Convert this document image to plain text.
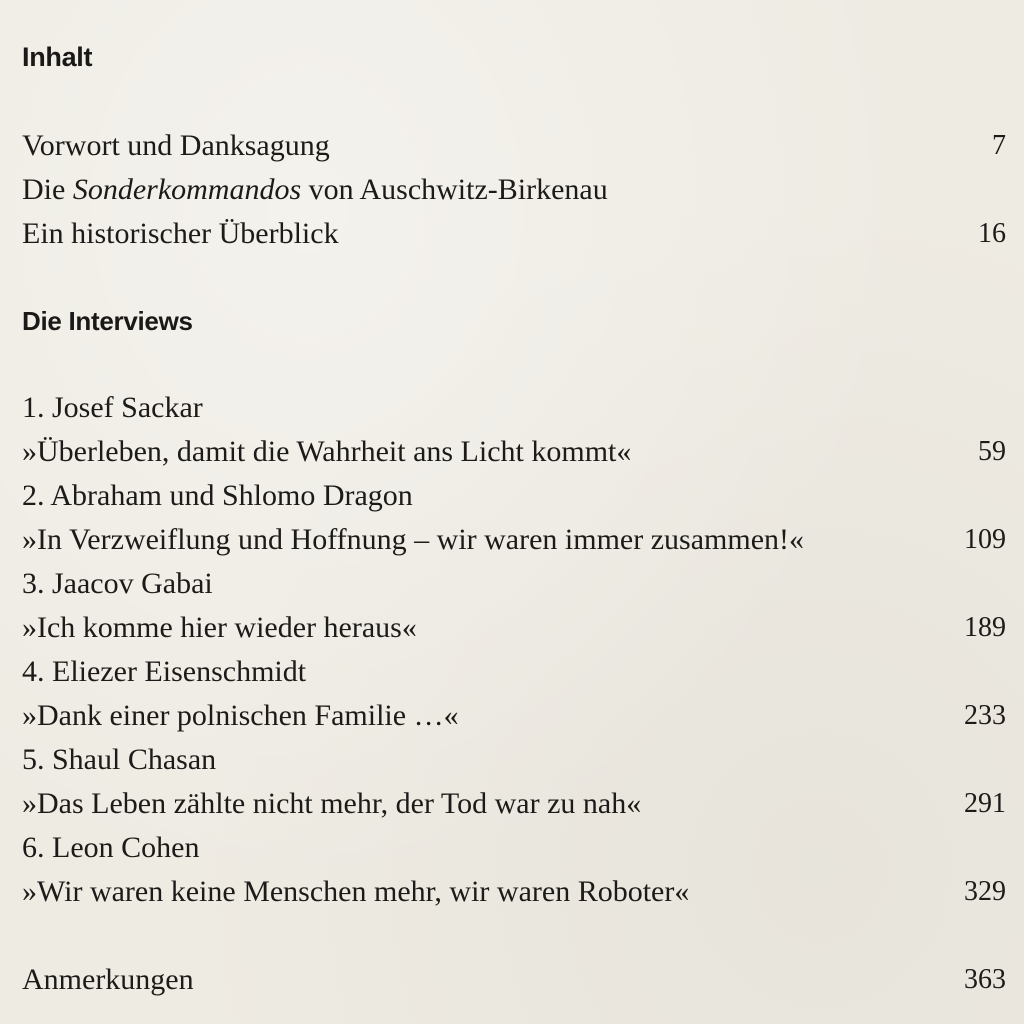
Inhalt
Vorwort und Danksagung	7
Die Sonderkommandos von Auschwitz-Birkenau
Ein historischer Überblick	16
Die Interviews
1. Josef Sackar
»Überleben, damit die Wahrheit ans Licht kommt«	59
2. Abraham und Shlomo Dragon
»In Verzweiflung und Hoffnung – wir waren immer zusammen!«	109
3. Jaacov Gabai
»Ich komme hier wieder heraus«	189
4. Eliezer Eisenschmidt
»Dank einer polnischen Familie …«	233
5. Shaul Chasan
»Das Leben zählte nicht mehr, der Tod war zu nah«	291
6. Leon Cohen
»Wir waren keine Menschen mehr, wir waren Roboter«	329
Anmerkungen	363
